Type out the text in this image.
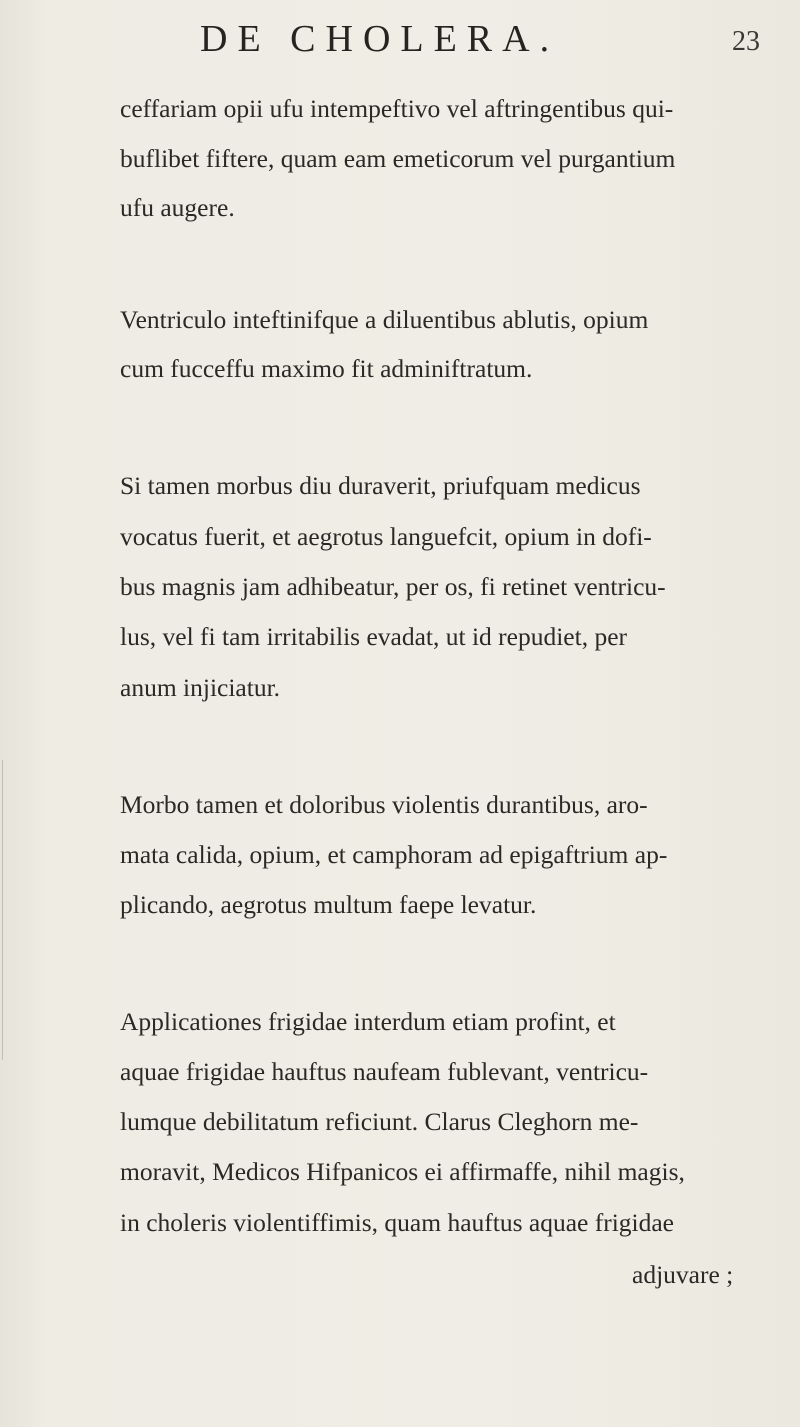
DE CHOLERA.	23
ceffariam opii ufu intempeftivo vel aftringentibus qui-
buflibet fiftere, quam eam emeticorum vel purgantium
ufu augere.
Ventriculo inteftinifque a diluentibus ablutis, opium
cum fucceffu maximo fit adminiftratum.
Si tamen morbus diu duraverit, priufquam medicus
vocatus fuerit, et aegrotus languefcit, opium in dofi-
bus magnis jam adhibeatur, per os, fi retinet ventricu-
lus, vel fi tam irritabilis evadat, ut id repudiet, per
anum injiciatur.
Morbo tamen et doloribus violentis durantibus, aro-
mata calida, opium, et camphoram ad epigaftrium ap-
plicando, aegrotus multum faepe levatur.
Applicationes frigidae interdum etiam profint, et
aquae frigidae hauftus naufeam fublevant, ventricu-
lumque debilitatum reficiunt. Clarus Cleghorn me-
moravit, Medicos Hifpanicos ei affirmaffe, nihil magis,
in choleris violentiffimis, quam hauftus aquae frigidae
adjuvare ;
